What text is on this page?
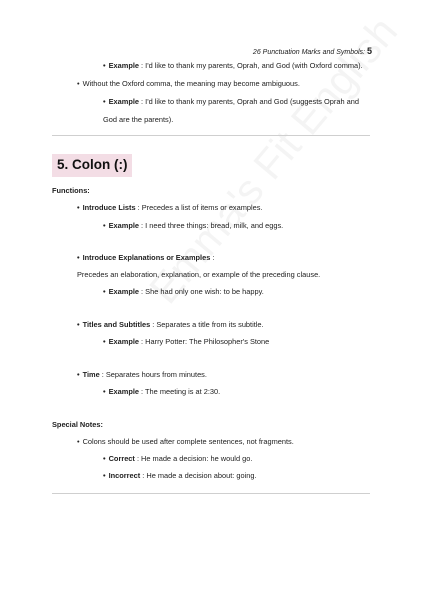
26 Punctuation Marks and Symbols: 5
• Example : I'd like to thank my parents, Oprah, and God (with Oxford comma).
• Without the Oxford comma, the meaning may become ambiguous.
• Example : I'd like to thank my parents, Oprah and God (suggests Oprah and
God are the parents).
5. Colon (:)
Functions:
• Introduce Lists : Precedes a list of items or examples.
• Example : I need three things: bread, milk, and eggs.
• Introduce Explanations or Examples :
Precedes an elaboration, explanation, or example of the preceding clause.
• Example : She had only one wish: to be happy.
• Titles and Subtitles : Separates a title from its subtitle.
• Example : Harry Potter: The Philosopher's Stone
• Time : Separates hours from minutes.
• Example : The meeting is at 2:30.
Special Notes:
• Colons should be used after complete sentences, not fragments.
• Correct : He made a decision: he would go.
• Incorrect : He made a decision about: going.
